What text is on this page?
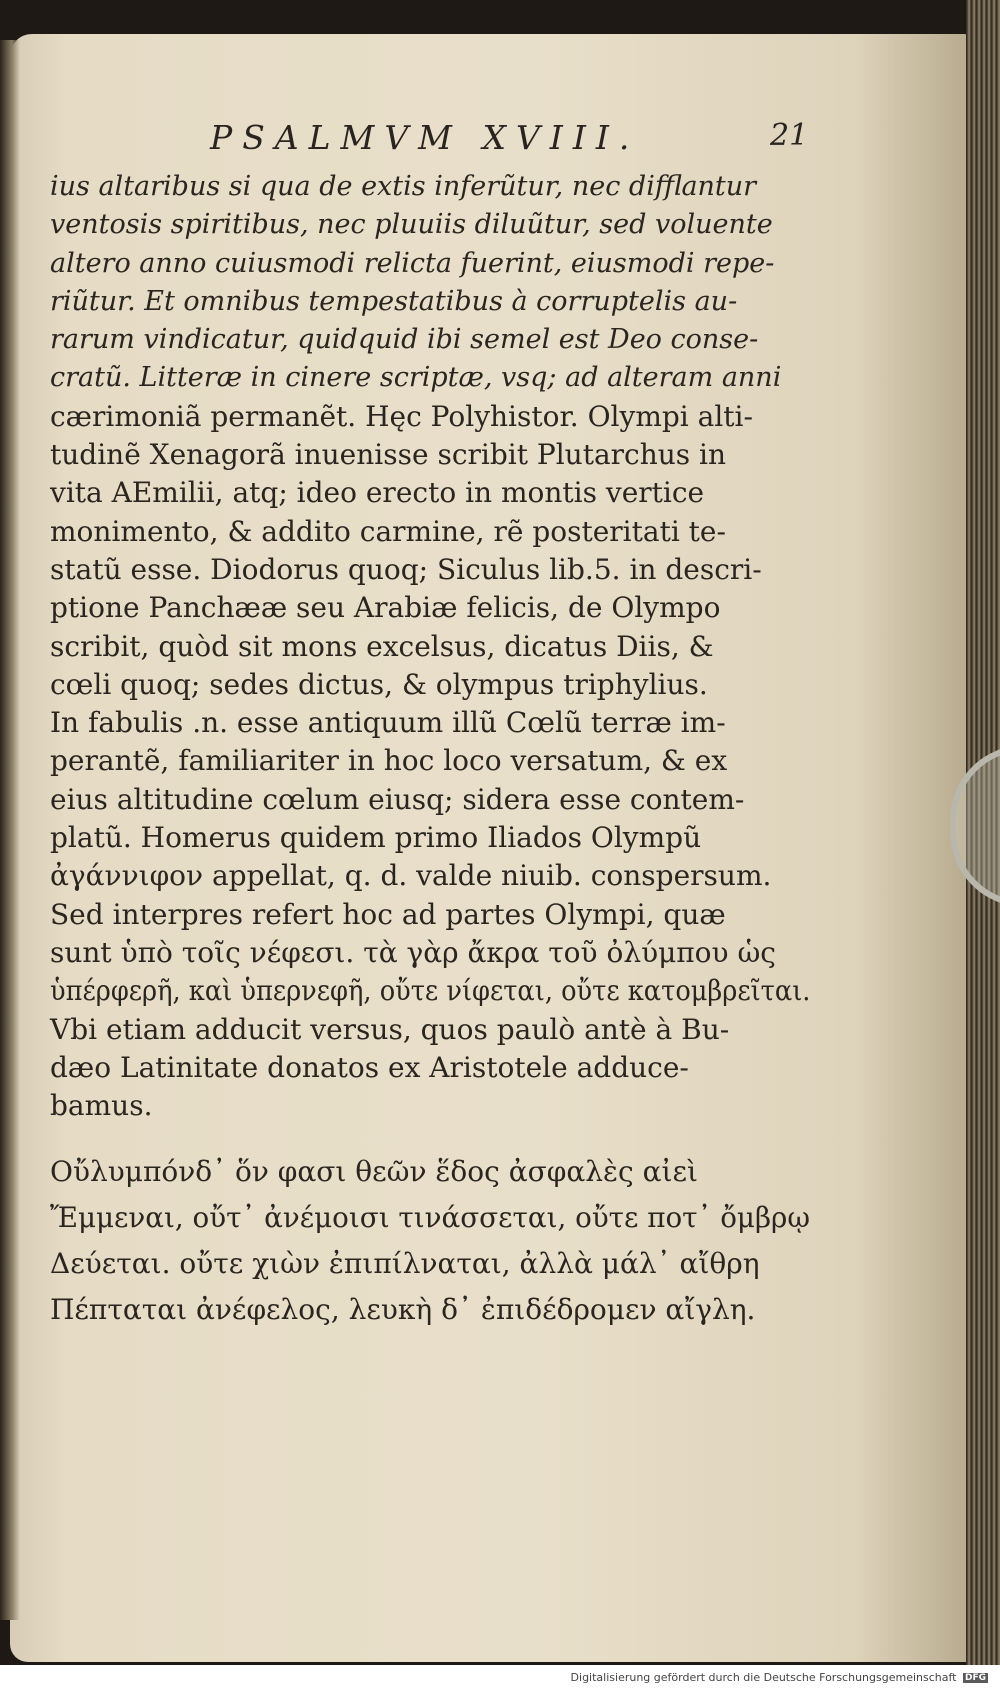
PSALMVM XVIII.	21
ius altaribus si qua de extis inferũtur, nec difflantur
ventosis spiritibus, nec pluuiis diluũtur, sed voluente
altero anno cuiusmodi relicta fuerint, eiusmodi repe-
riũtur. Et omnibus tempestatibus à corruptelis au-
rarum vindicatur, quidquid ibi semel est Deo conse-
cratũ. Litteræ in cinere scriptæ, vsq; ad alteram anni
cærimoniã permanẽt. Hęc Polyhistor. Olympi alti-
tudinẽ Xenagorã inuenisse scribit Plutarchus in
vita AEmilii, atq; ideo erecto in montis vertice
monimento, & addito carmine, rẽ posteritati te-
statũ esse. Diodorus quoq; Siculus lib.5. in descri-
ptione Panchææ seu Arabiæ felicis, de Olympo
scribit, quòd sit mons excelsus, dicatus Diis, &
cœli quoq; sedes dictus, & olympus triphylius.
In fabulis .n. esse antiquum illũ Cœlũ terræ im-
perantẽ, familiariter in hoc loco versatum, & ex
eius altitudine cœlum eiusq; sidera esse contem-
platũ. Homerus quidem primo Iliados Olympũ
ἀγάννιφον appellat, q. d. valde niuib. conspersum.
Sed interpres refert hoc ad partes Olympi, quæ
sunt ὑπὸ τοῖς νέφεσι. τὰ γὰρ ἄκρα τοῦ ὀλύμπου ὡς
ὑπέρφερῆ, καὶ ὑπερνεφῆ, οὔτε νίφεται, οὔτε κατομβρεῖται.
Vbi etiam adducit versus, quos paulò antè à Bu-
dæo Latinitate donatos ex Aristotele adduce-
bamus.
Οὔλυμπόνδ᾽ ὅν φασι θεῶν ἕδος ἀσφαλὲς αἰεὶ
Ἔμμεναι, οὔτ᾽ ἀνέμοισι τινάσσεται, οὔτε ποτ᾽ ὄμβρῳ
Δεύεται. οὔτε χιὼν ἐπιπίλναται, ἀλλὰ μάλ᾽ αἴθρη
Πέπταται ἀνέφελος, λευκὴ δ᾽ ἐπιδέδρομεν αἴγλη.
Digitalisierung gefördert durch die Deutsche Forschungsgemeinschaft DFG
